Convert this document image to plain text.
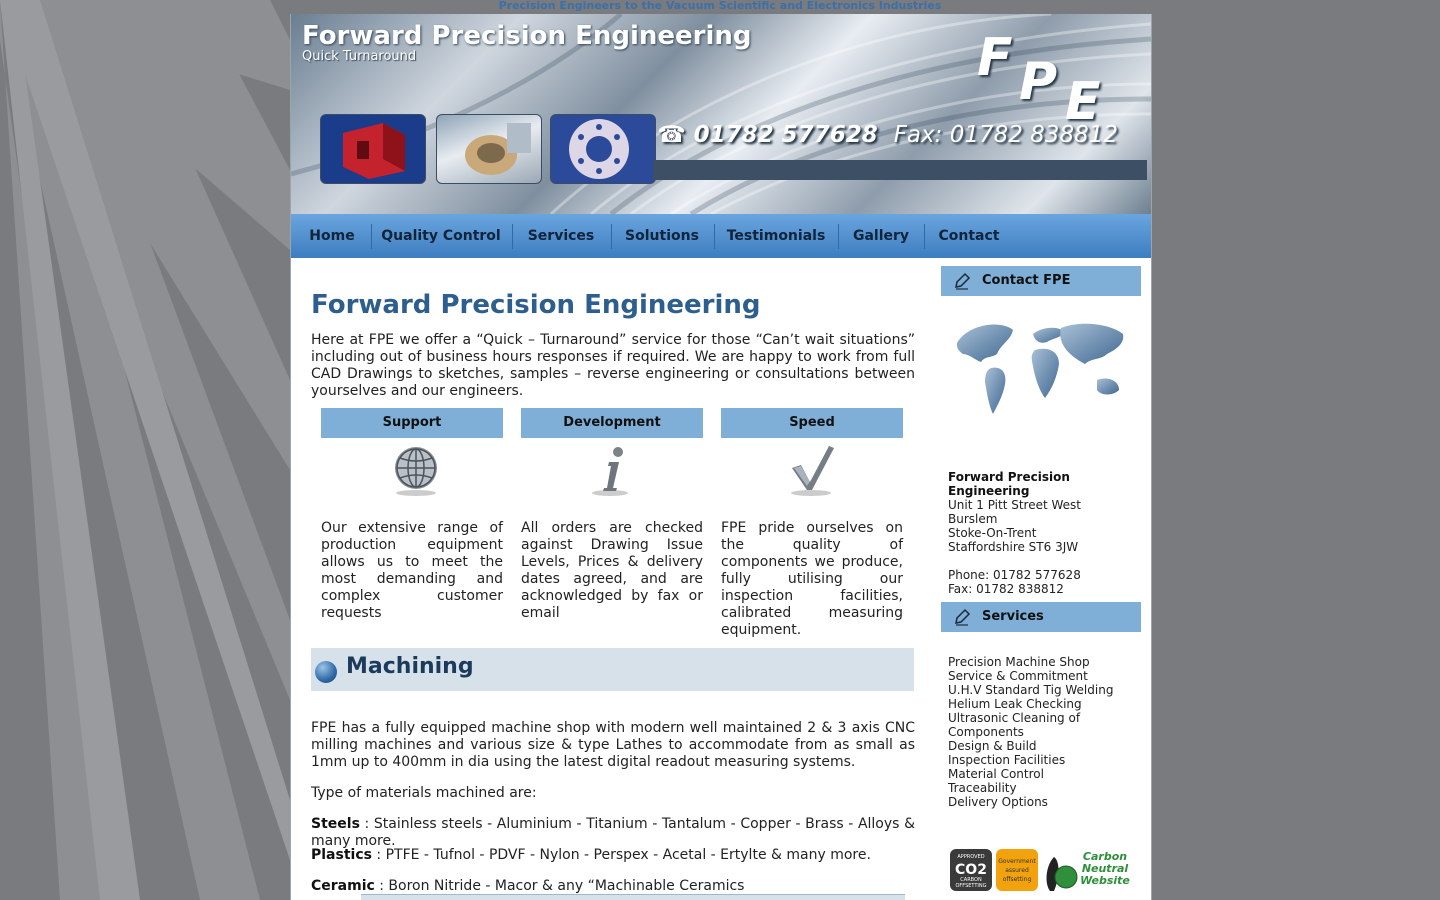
Precision Engineers to the Vacuum Scientific and Electronics Industries
Forward Precision Engineering
Quick Turnaround	F P E
☎ 01782 577628 Fax: 01782 838812
Home	Quality Control	Services	Solutions	Testimonials	Gallery	Contact
Forward Precision Engineering

Here at FPE we offer a “Quick – Turnaround” service for those “Can’t wait situations” including out of business hours responses if required. We are happy to work from full CAD Drawings to sketches, samples – reverse engineering or consultations between yourselves and our engineers.

Support

Our extensive range of production equipment allows us to meet the most demanding and complex customer requests

Development

All orders are checked against Drawing Issue Levels, Prices & delivery dates agreed, and are acknowledged by fax or email

Speed

FPE pride ourselves on the quality of components we produce, fully utilising our inspection facilities, calibrated measuring equipment.

Machining

FPE has a fully equipped machine shop with modern well maintained 2 & 3 axis CNC milling machines and various size & type Lathes to accommodate from as small as 1mm up to 400mm in dia using the latest digital readout measuring systems.

Type of materials machined are:

Steels : Stainless steels - Aluminium - Titanium - Tantalum - Copper - Brass - Alloys & many more.

Plastics : PTFE - Tufnol - PDVF - Nylon - Perspex - Acetal - Ertylte & many more.

Ceramic : Boron Nitride - Macor & any “Machinable Ceramics

Contact FPE
Forward Precision Engineering
Unit 1 Pitt Street West
Burslem
Stoke-On-Trent
Staffordshire ST6 3JW
Phone: 01782 577628
Fax: 01782 838812
Services
Precision Machine Shop
Service & Commitment
U.H.V Standard Tig Welding
Helium Leak Checking
Ultrasonic Cleaning of Components
Design & Build
Inspection Facilities
Material Control
Traceability
Delivery Options
APPROVED
CO2
CARBON
OFFSETTING
Government
assured
offsetting
Carbon
Neutral
Website
